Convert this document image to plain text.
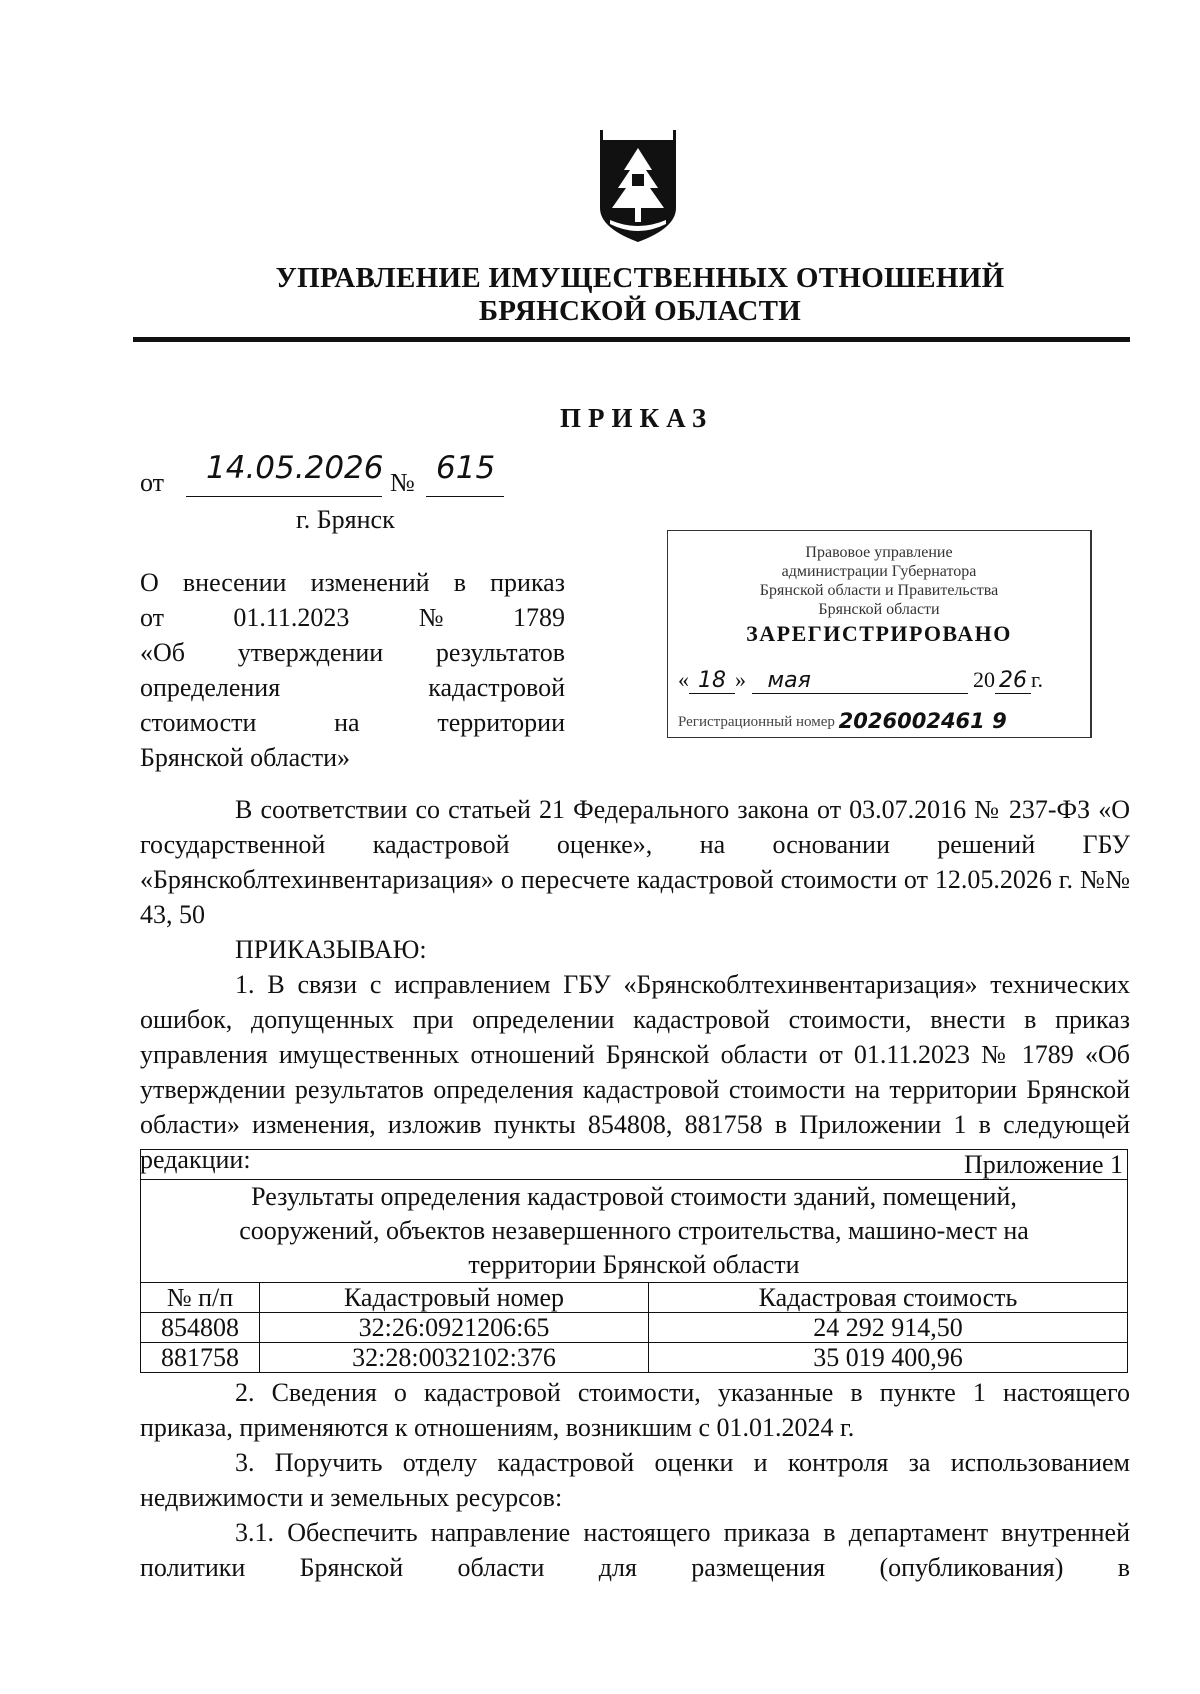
УПРАВЛЕНИЕ ИМУЩЕСТВЕННЫХ ОТНОШЕНИЙ
БРЯНСКОЙ ОБЛАСТИ
ПРИКАЗ
от 14.05.2026 № 615
г. Брянск
О внесении изменений в приказ
от	01.11.2023	№	1789
«Об утверждении результатов
определения	кадастровой
стоимости	на	территории
Брянской области»
Правовое управление
администрации Губернатора
Брянской области и Правительства
Брянской области
ЗАРЕГИСТРИРОВАНО
« 18 » мая	20 26 г.
Регистрационный номер 2026002461 9
В соответствии со статьей 21 Федерального закона от 03.07.2016 № 237-ФЗ «О государственной кадастровой оценке», на основании решений ГБУ «Брянскоблтехинвентаризация» о пересчете кадастровой стоимости от 12.05.2026 г. №№ 43, 50
ПРИКАЗЫВАЮ:
1. В связи с исправлением ГБУ «Брянскоблтехинвентаризация» технических ошибок, допущенных при определении кадастровой стоимости, внести в приказ управления имущественных отношений Брянской области от 01.11.2023 № 1789 «Об утверждении результатов определения кадастровой стоимости на территории Брянской области» изменения, изложив пункты 854808, 881758 в Приложении 1 в следующей редакции:	Приложение 1		
Результаты определения кадастровой стоимости зданий, помещений, сооружений, объектов незавершенного строительства, машино-мест на территории Брянской области		
№ п/п	Кадастровый номер	Кадастровая стоимость
854808	32:26:0921206:65	24 292 914,50
881758	32:28:0032102:376	35 019 400,96
2. Сведения о кадастровой стоимости, указанные в пункте 1 настоящего приказа, применяются к отношениям, возникшим с 01.01.2024 г.
3. Поручить отделу кадастровой оценки и контроля за использованием недвижимости и земельных ресурсов:
3.1. Обеспечить направление настоящего приказа в департамент внутренней политики Брянской области для размещения (опубликования) в
